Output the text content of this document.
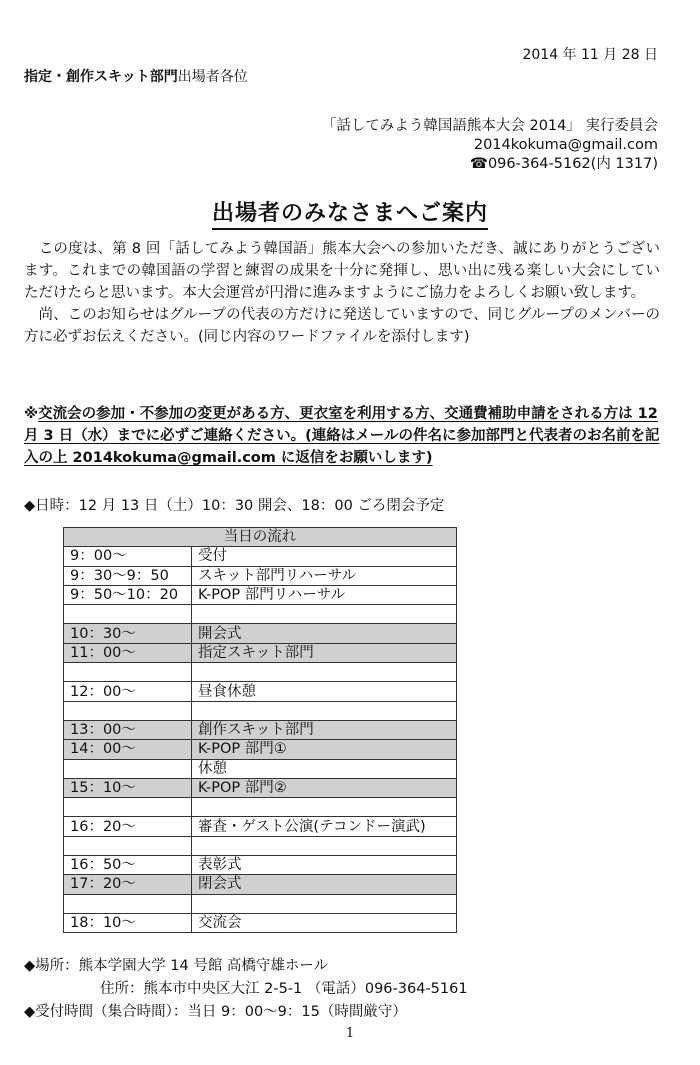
2014 年 11 月 28 日
指定・創作スキット部門出場者各位
「話してみよう韓国語熊本大会 2014」 実行委員会
2014kokuma@gmail.com
☎096-364-5162(内 1317)
出場者のみなさまへご案内

　この度は、第 8 回「話してみよう韓国語」熊本大会への参加いただき、誠にありがとうございます。これまでの韓国語の学習と練習の成果を十分に発揮し、思い出に残る楽しい大会にしていただけたらと思います。本大会運営が円滑に進みますようにご協力をよろしくお願い致します。

　尚、このお知らせはグループの代表の方だけに発送していますので、同じグループのメンバーの方に必ずお伝えください。(同じ内容のワードファイルを添付します)

※交流会の参加・不参加の変更がある方、更衣室を利用する方、交通費補助申請をされる方は 12 月 3 日（水）までに必ずご連絡ください。(連絡はメールの件名に参加部門と代表者のお名前を記入の上 2014kokuma@gmail.com に返信をお願いします)
◆日時：12 月 13 日（土）10：30 開会、18：00 ごろ閉会予定
当日の流れ	
9：00〜	受付
9：30〜9：50	スキット部門リハーサル
9：50〜10：20	K-POP 部門リハーサル

10：30〜	開会式
11：00〜	指定スキット部門

12：00〜	昼食休憩

13：00〜	創作スキット部門
14：00〜	K-POP 部門①
	休憩
15：10〜	K-POP 部門②

16：20〜	審査・ゲスト公演(テコンドー演武)

16：50〜	表彰式
17：20〜	閉会式

18：10〜	交流会
◆場所：熊本学園大学 14 号館 高橋守雄ホール
住所：熊本市中央区大江 2-5-1 （電話）096-364-5161
◆受付時間（集合時間）：当日 9：00〜9：15（時間厳守）
1
